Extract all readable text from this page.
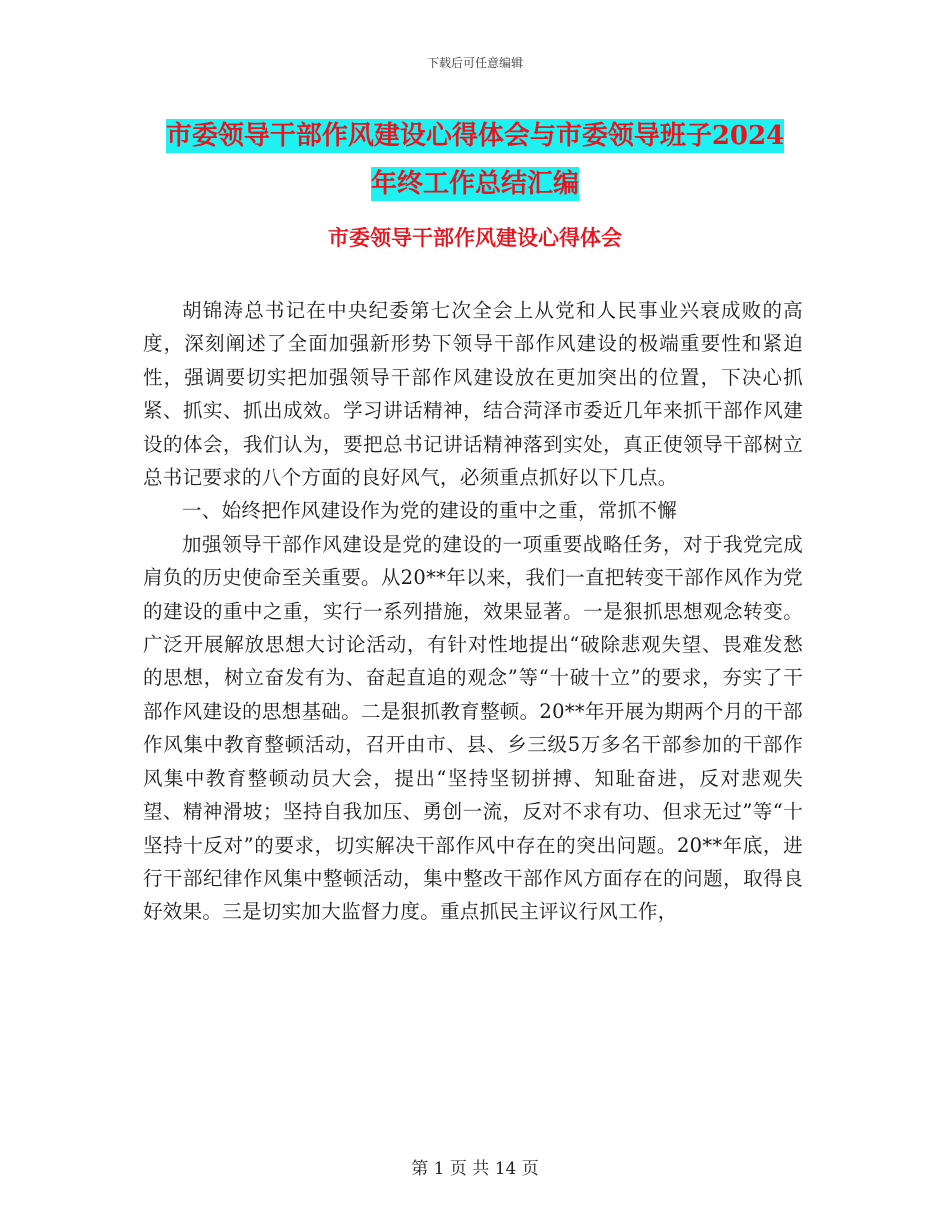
下载后可任意编辑
市委领导干部作风建设心得体会与市委领导班子2024
年终工作总结汇编
市委领导干部作风建设心得体会

胡锦涛总书记在中央纪委第七次全会上从党和人民事业兴衰成败的高度，深刻阐述了全面加强新形势下领导干部作风建设的极端重要性和紧迫性，强调要切实把加强领导干部作风建设放在更加突出的位置，下决心抓紧、抓实、抓出成效。学习讲话精神，结合菏泽市委近几年来抓干部作风建设的体会，我们认为，要把总书记讲话精神落到实处，真正使领导干部树立总书记要求的八个方面的良好风气，必须重点抓好以下几点。

一、始终把作风建设作为党的建设的重中之重，常抓不懈

加强领导干部作风建设是党的建设的一项重要战略任务，对于我党完成肩负的历史使命至关重要。从20**年以来，我们一直把转变干部作风作为党的建设的重中之重，实行一系列措施，效果显著。一是狠抓思想观念转变。广泛开展解放思想大讨论活动，有针对性地提出“破除悲观失望、畏难发愁的思想，树立奋发有为、奋起直追的观念”等“十破十立”的要求，夯实了干部作风建设的思想基础。二是狠抓教育整顿。20**年开展为期两个月的干部作风集中教育整顿活动，召开由市、县、乡三级5万多名干部参加的干部作风集中教育整顿动员大会，提出“坚持坚韧拼搏、知耻奋进，反对悲观失望、精神滑坡；坚持自我加压、勇创一流，反对不求有功、但求无过”等“十坚持十反对”的要求，切实解决干部作风中存在的突出问题。20**年底，进行干部纪律作风集中整顿活动，集中整改干部作风方面存在的问题，取得良好效果。三是切实加大监督力度。重点抓民主评议行风工作，

第 1 页 共 14 页
